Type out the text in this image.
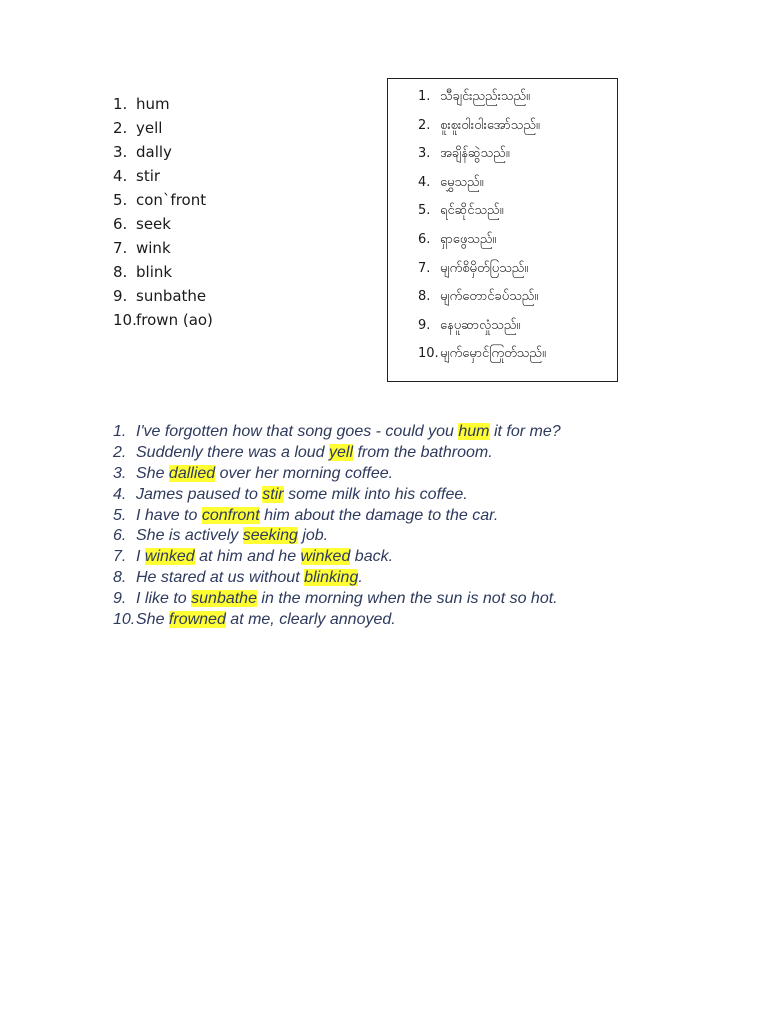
1. hum
2. yell
3. dally
4. stir
5. con`front
6. seek
7. wink
8. blink
9. sunbathe
10.frown (ao)
1. သီချင်းညည်းသည်။
2. စူးစူးဝါးဝါးအော်သည်။
3. အချိန်ဆွဲသည်။
4. မွှေသည်။
5. ရင်ဆိုင်သည်။
6. ရှာဖွေသည်။
7. မျက်စိမှိတ်ပြသည်။
8. မျက်တောင်ခပ်သည်။
9. နေပူဆာလှုံသည်။
10.မျက်မှောင်ကြုတ်သည်။
1. I've forgotten how that song goes - could you hum it for me?
2. Suddenly there was a loud yell from the bathroom.
3. She dallied over her morning coffee.
4. James paused to stir some milk into his coffee.
5. I have to confront him about the damage to the car.
6. She is actively seeking job.
7. I winked at him and he winked back.
8. He stared at us without blinking.
9. I like to sunbathe in the morning when the sun is not so hot.
10.She frowned at me, clearly annoyed.
